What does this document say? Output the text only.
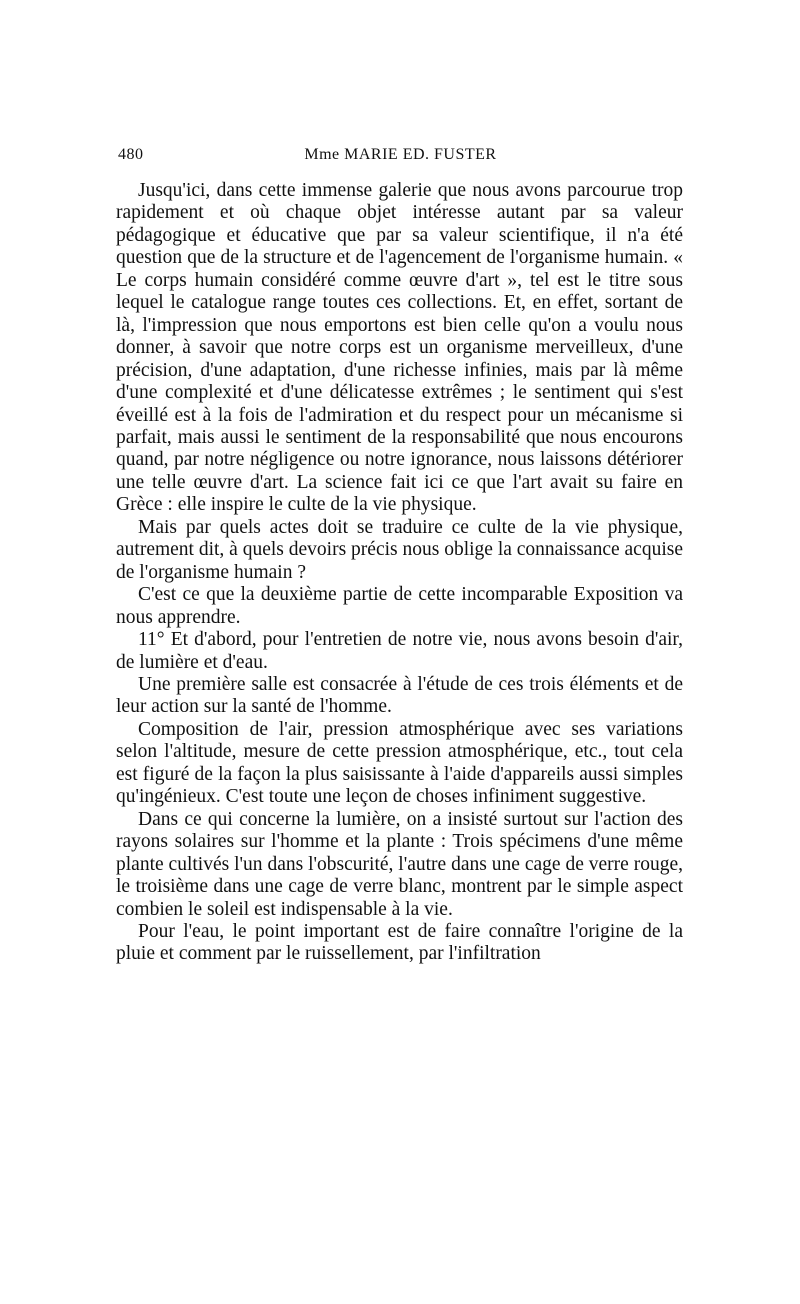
480	Mme MARIE ED. FUSTER

Jusqu'ici, dans cette immense galerie que nous avons parcourue trop rapidement et où chaque objet intéresse autant par sa valeur pédagogique et éducative que par sa valeur scientifique, il n'a été question que de la structure et de l'agencement de l'organisme humain. « Le corps humain considéré comme œuvre d'art », tel est le titre sous lequel le catalogue range toutes ces collections. Et, en effet, sortant de là, l'impression que nous emportons est bien celle qu'on a voulu nous donner, à savoir que notre corps est un organisme merveilleux, d'une précision, d'une adaptation, d'une richesse infinies, mais par là même d'une complexité et d'une délicatesse extrêmes ; le sentiment qui s'est éveillé est à la fois de l'admiration et du respect pour un mécanisme si parfait, mais aussi le sentiment de la responsabilité que nous encourons quand, par notre négligence ou notre ignorance, nous laissons détériorer une telle œuvre d'art. La science fait ici ce que l'art avait su faire en Grèce : elle inspire le culte de la vie physique.

Mais par quels actes doit se traduire ce culte de la vie physique, autrement dit, à quels devoirs précis nous oblige la connaissance acquise de l'organisme humain ?

C'est ce que la deuxième partie de cette incomparable Exposition va nous apprendre.

11° Et d'abord, pour l'entretien de notre vie, nous avons besoin d'air, de lumière et d'eau.

Une première salle est consacrée à l'étude de ces trois éléments et de leur action sur la santé de l'homme.

Composition de l'air, pression atmosphérique avec ses variations selon l'altitude, mesure de cette pression atmosphérique, etc., tout cela est figuré de la façon la plus saisissante à l'aide d'appareils aussi simples qu'ingénieux. C'est toute une leçon de choses infiniment suggestive.

Dans ce qui concerne la lumière, on a insisté surtout sur l'action des rayons solaires sur l'homme et la plante : Trois spécimens d'une même plante cultivés l'un dans l'obscurité, l'autre dans une cage de verre rouge, le troisième dans une cage de verre blanc, montrent par le simple aspect combien le soleil est indispensable à la vie.

Pour l'eau, le point important est de faire connaître l'origine de la pluie et comment par le ruissellement, par l'infiltration
